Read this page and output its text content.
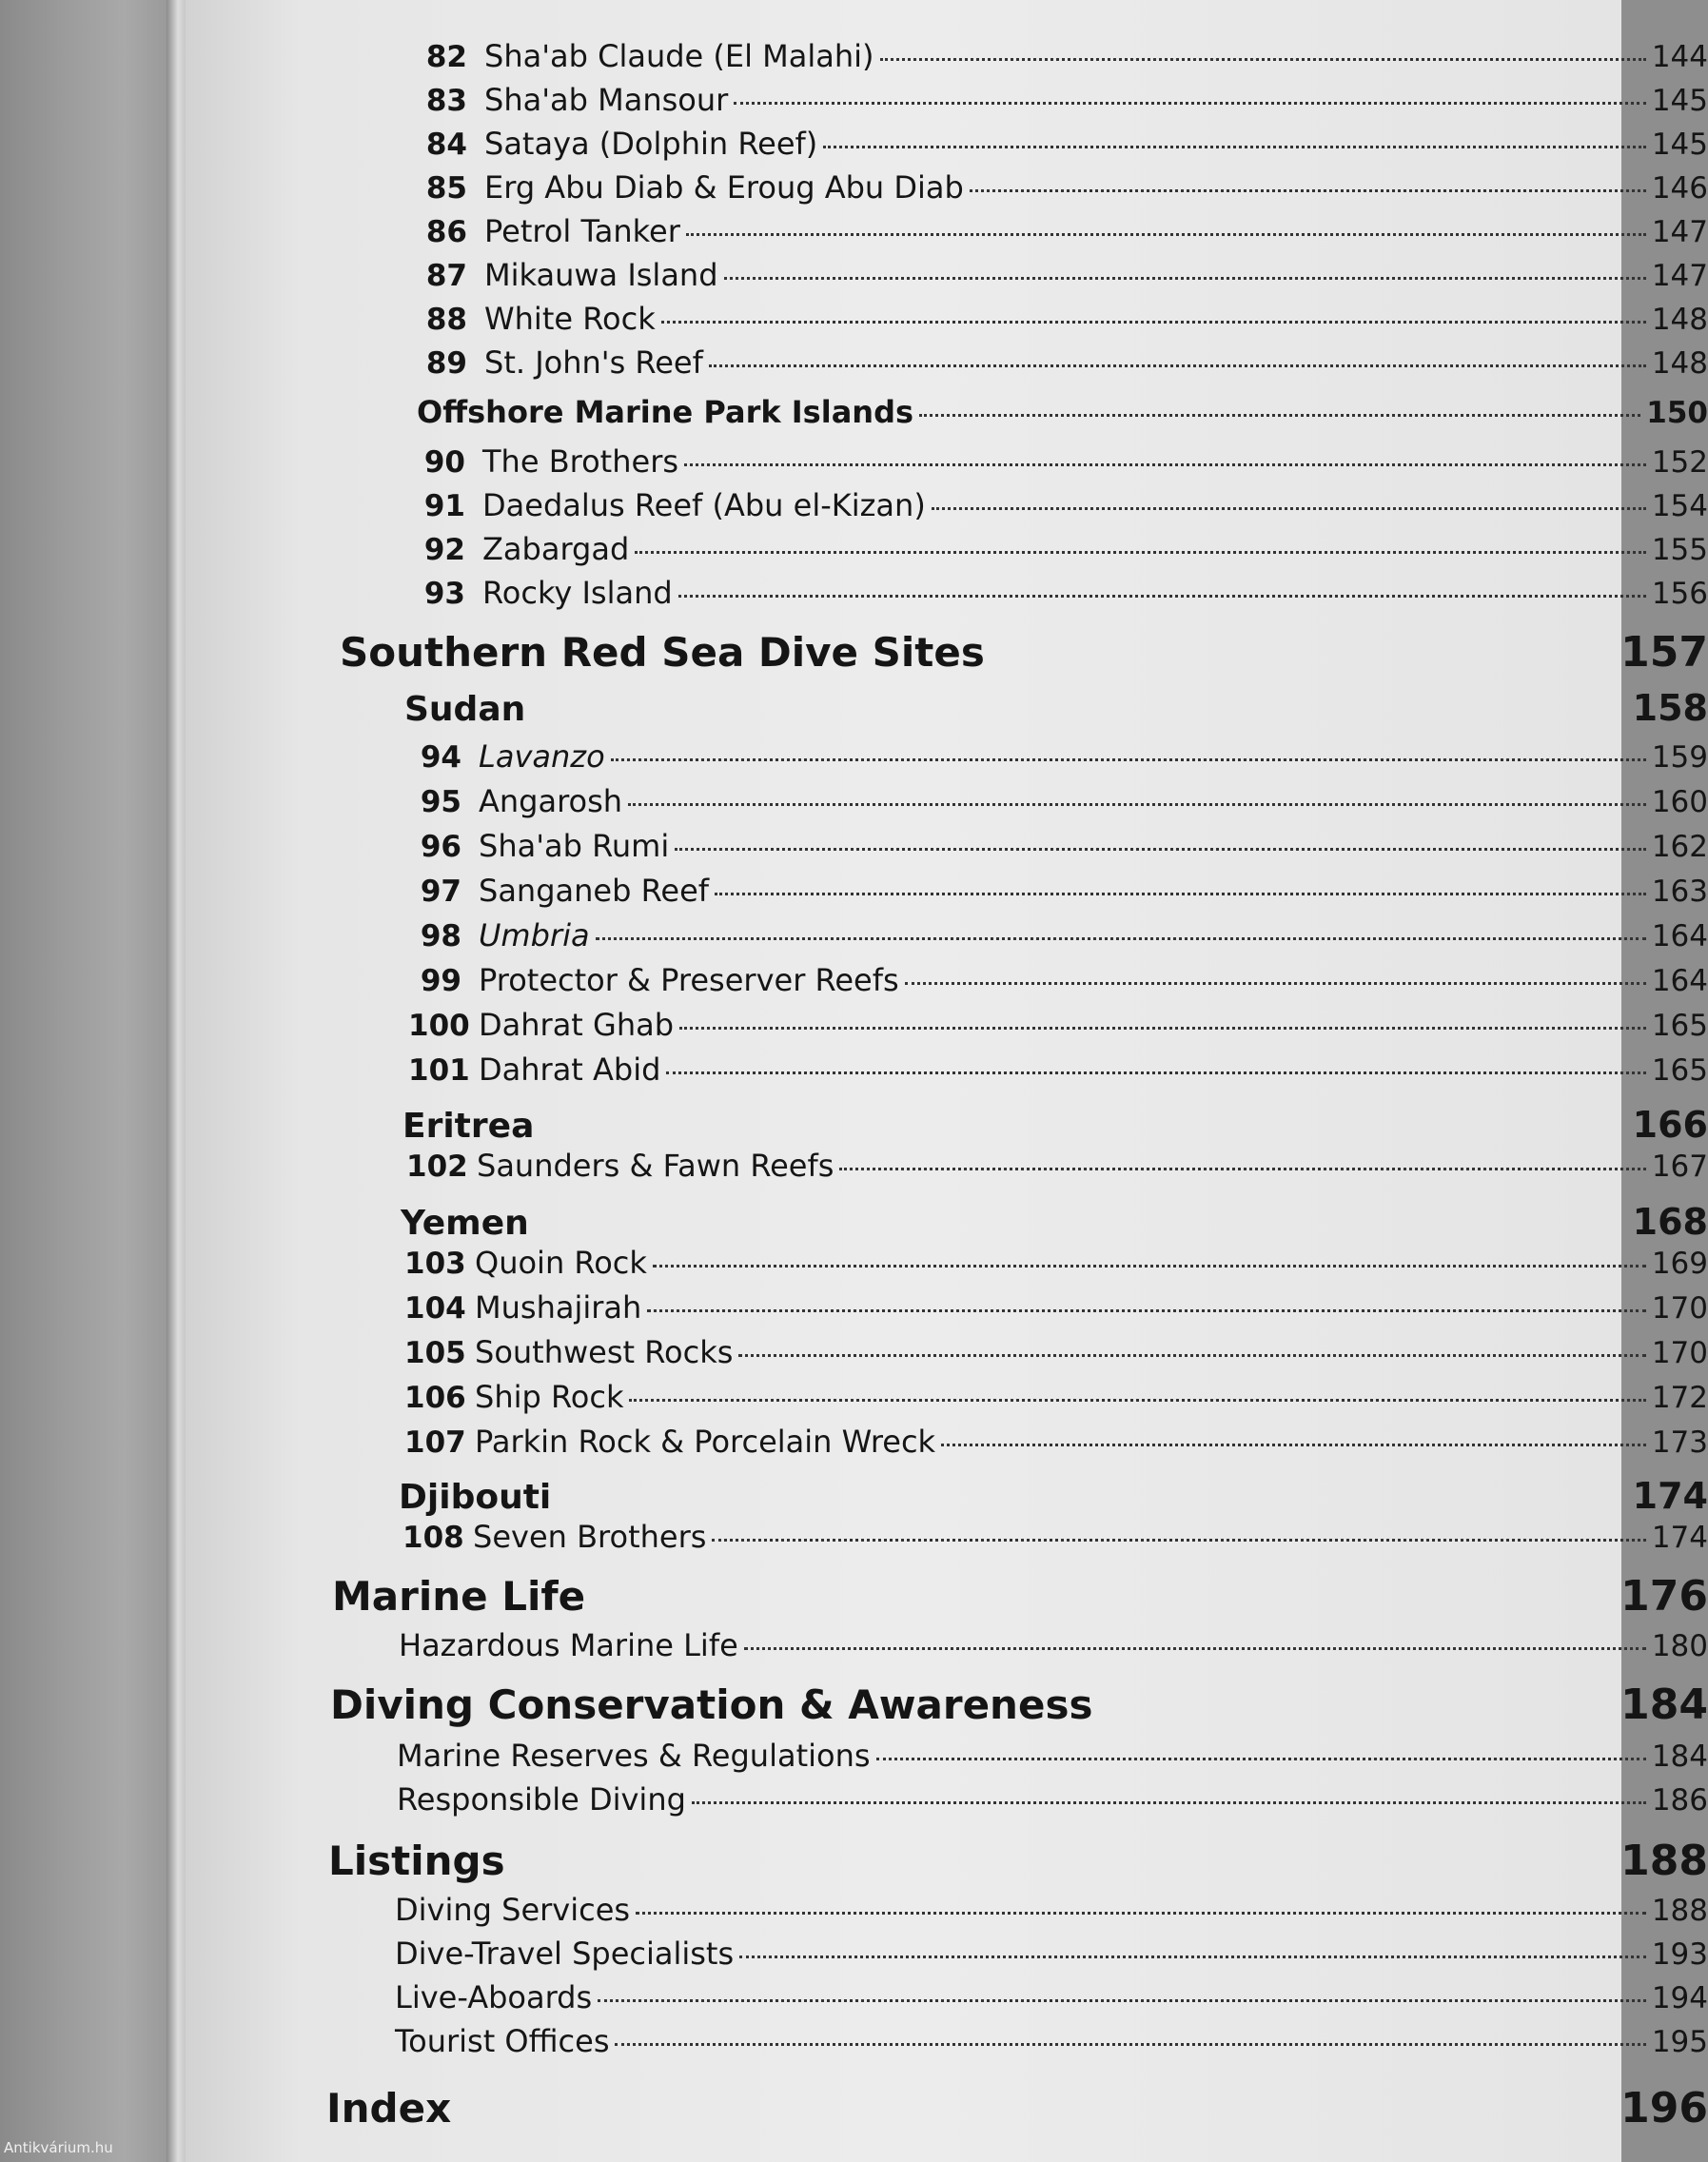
82 Sha'ab Claude (El Malahi)	144
83 Sha'ab Mansour	145
84 Sataya (Dolphin Reef)	145
85 Erg Abu Diab & Eroug Abu Diab	146
86 Petrol Tanker	147
87 Mikauwa Island	147
88 White Rock	148
89 St. John's Reef	148
Offshore Marine Park Islands	150
90 The Brothers	152
91 Daedalus Reef (Abu el-Kizan)	154
92 Zabargad	155
93 Rocky Island	156
Southern Red Sea Dive Sites	157
Sudan	158
94 Lavanzo	159
95 Angarosh	160
96 Sha'ab Rumi	162
97 Sanganeb Reef	163
98 Umbria	164
99 Protector & Preserver Reefs	164
100 Dahrat Ghab	165
101 Dahrat Abid	165
Eritrea	166
102 Saunders & Fawn Reefs	167
Yemen	168
103 Quoin Rock	169
104 Mushajirah	170
105 Southwest Rocks	170
106 Ship Rock	172
107 Parkin Rock & Porcelain Wreck	173
Djibouti	174
108 Seven Brothers	174
Marine Life	176
Hazardous Marine Life	180
Diving Conservation & Awareness	184
Marine Reserves & Regulations	184
Responsible Diving	186
Listings	188
Diving Services	188
Dive-Travel Specialists	193
Live-Aboards	194
Tourist Offices	195
Index	196
Antikvárium.hu
